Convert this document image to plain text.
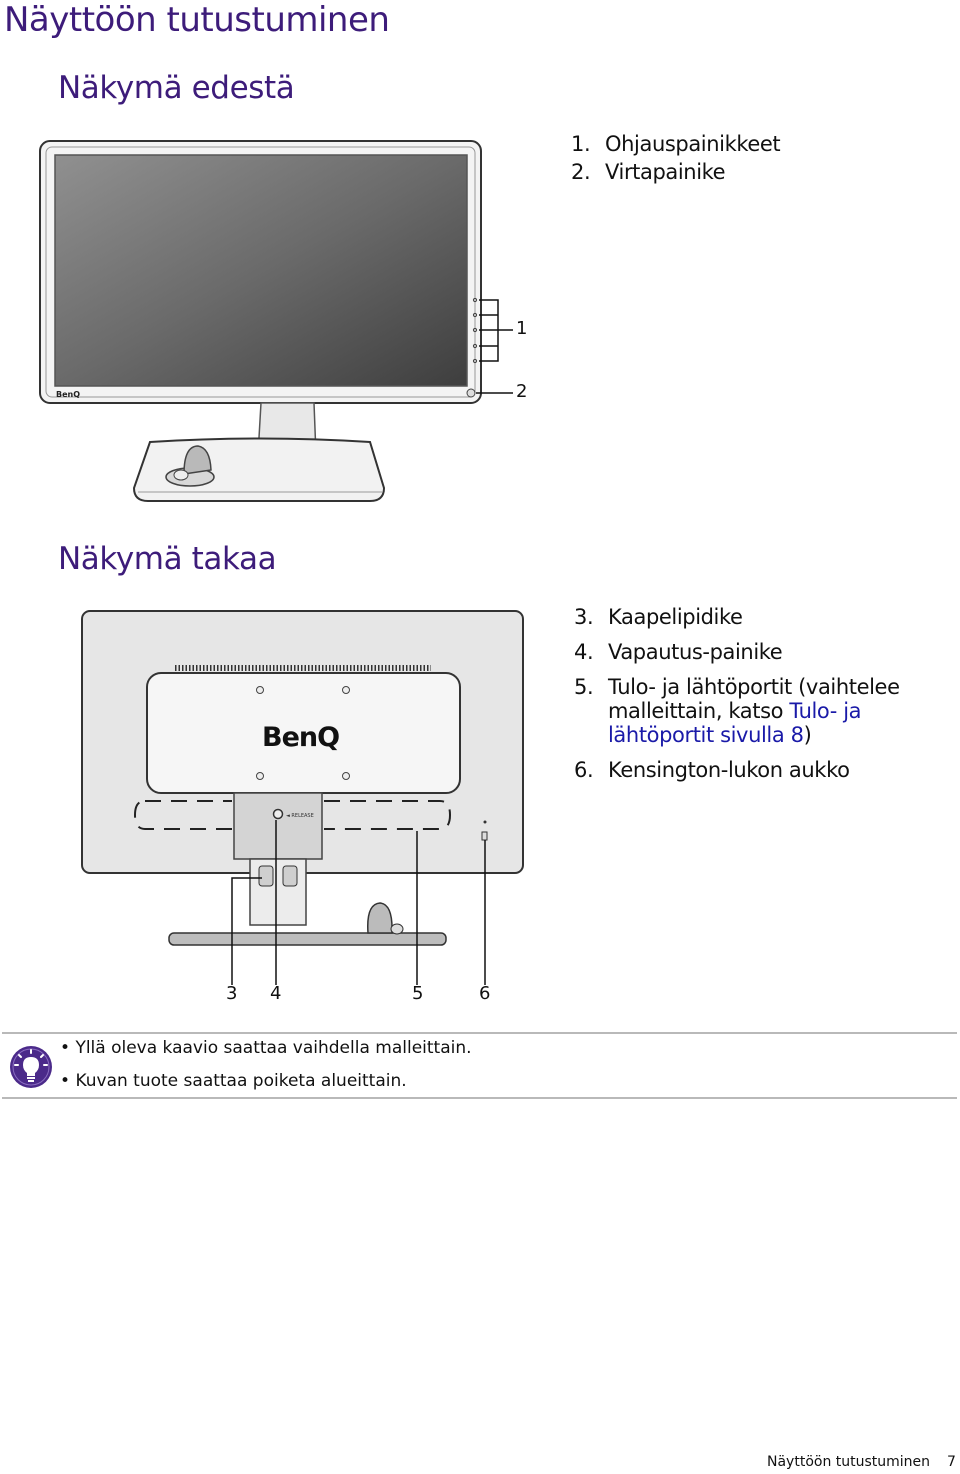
Näyttöön tutustuminen
Näkymä edestä
1. Ohjauspainikkeet
2. Virtapainike
BenQ
1
2
Näkymä takaa
3. Kaapelipidike
4. Vapautus-painike
5. Tulo- ja lähtöportit (vaihtelee
malleittain, katso Tulo- ja
lähtöportit sivulla 8)
6. Kensington-lukon aukko
BenQ
◄ RELEASE
3 4	5	6
• Yllä oleva kaavio saattaa vaihdella malleittain.
• Kuvan tuote saattaa poiketa alueittain.
Näyttöön tutustuminen 7
